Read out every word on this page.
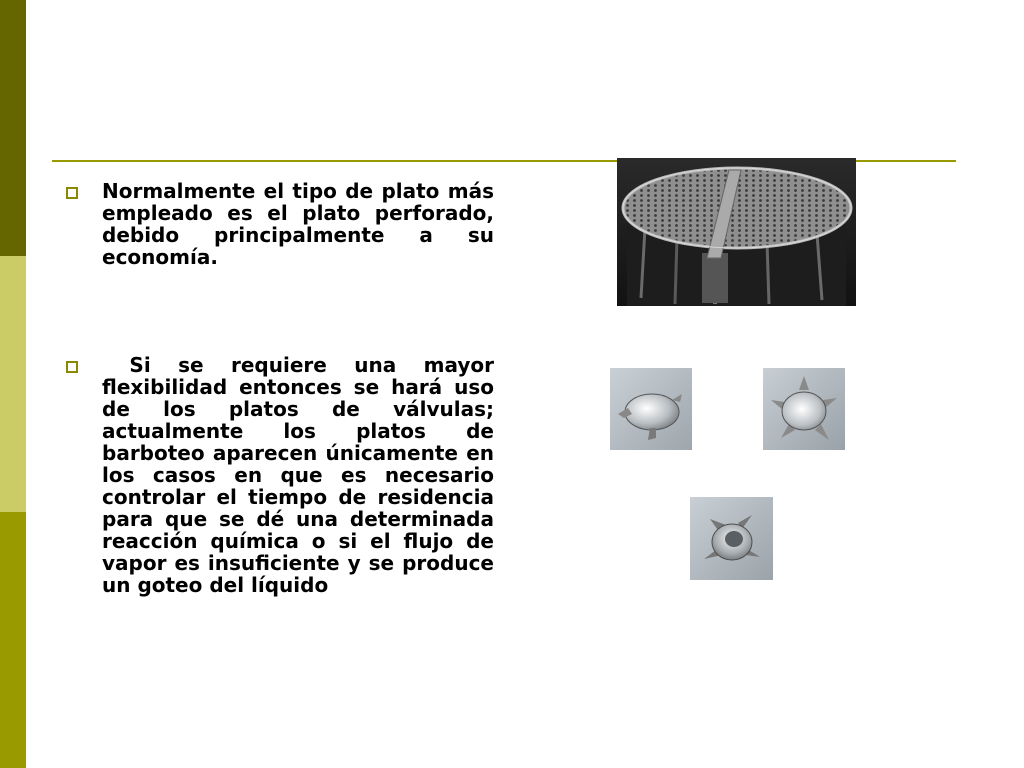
Normalmente el tipo de plato más empleado es el plato perforado, debido principalmente a su economía.
Si se requiere una mayor flexibilidad entonces se hará uso de los platos de válvulas; actualmente los platos de barboteo aparecen únicamente en los casos en que es necesario controlar el tiempo de residencia para que se dé una determinada reacción química o si el flujo de vapor es insuficiente y se produce un goteo del líquido
